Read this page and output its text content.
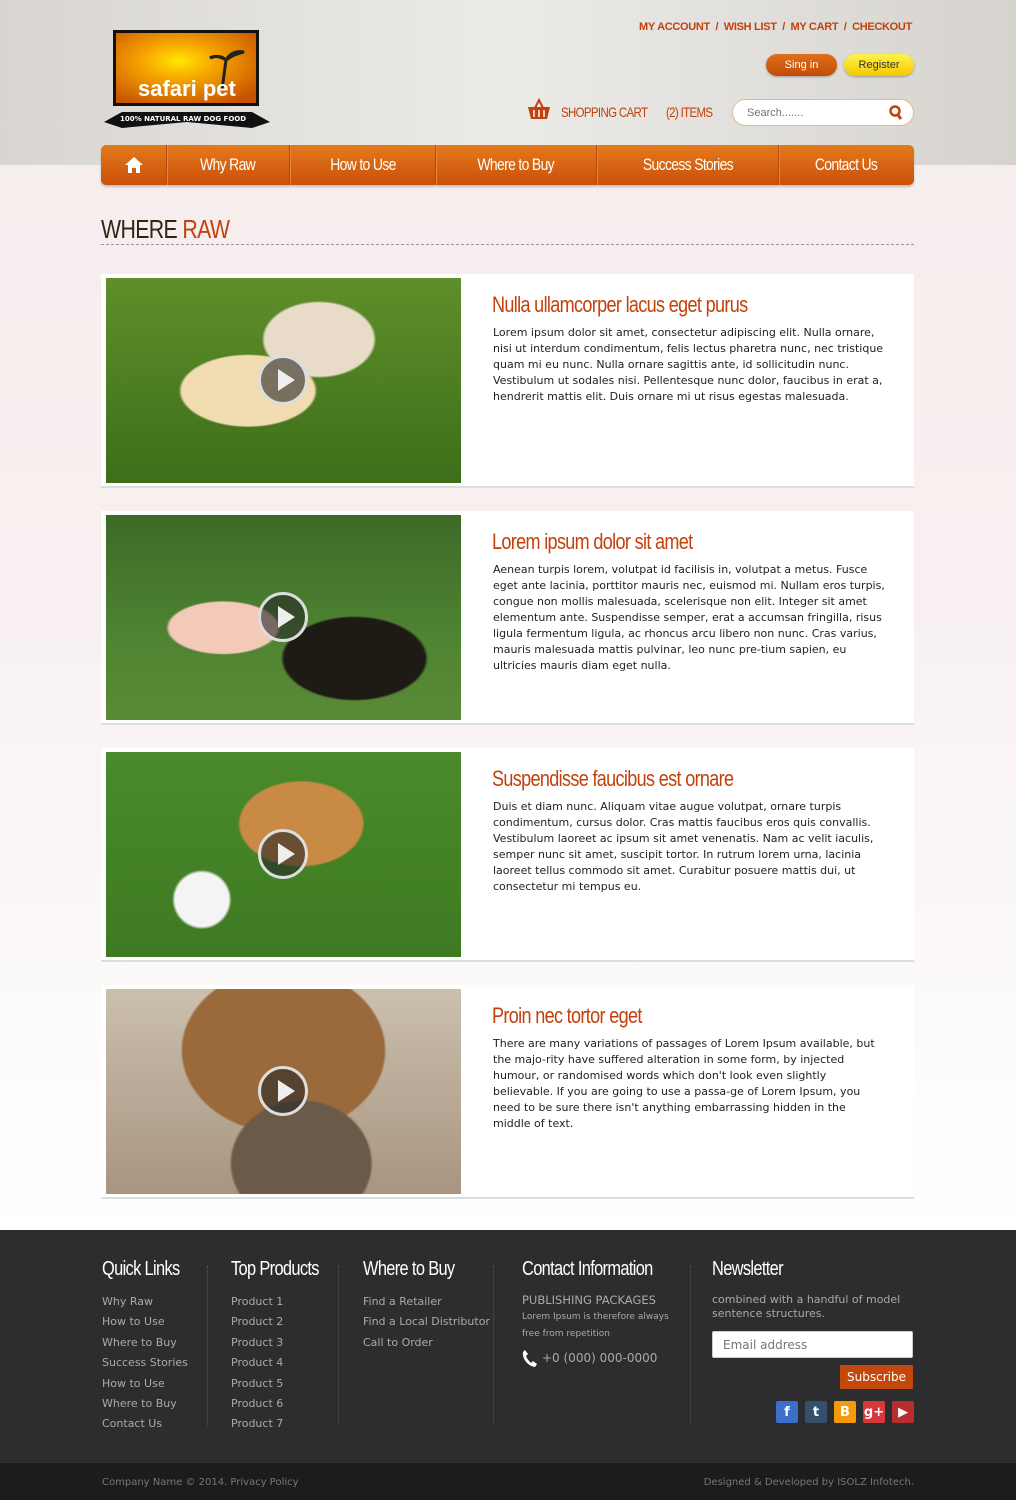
safari pet
100% NATURAL RAW DOG FOOD
MY ACCOUNT  /  WISH LIST  /  MY CART  /  CHECKOUT
Sing in	Register
SHOPPING CART	(2) ITEMS
Search.......
Why Raw	How to Use	Where to Buy	Success Stories	Contact Us
WHERE RAW
Nulla ullamcorper lacus eget purus

Lorem ipsum dolor sit amet, consectetur adipiscing elit. Nulla ornare, nisi ut interdum condimentum, felis lectus pharetra nunc, nec tristique quam mi eu nunc. Nulla ornare sagittis ante, id sollicitudin nunc. Vestibulum ut sodales nisi. Pellentesque nunc dolor, faucibus in erat a, hendrerit mattis elit. Duis ornare mi ut risus egestas malesuada.

Lorem ipsum dolor sit amet

Aenean turpis lorem, volutpat id facilisis in, volutpat a metus. Fusce eget ante lacinia, porttitor mauris nec, euismod mi. Nullam eros turpis, congue non mollis malesuada, scelerisque non elit. Integer sit amet elementum ante. Suspendisse semper, erat a accumsan fringilla, risus ligula fermentum ligula, ac rhoncus arcu libero non nunc. Cras varius, mauris malesuada mattis pulvinar, leo nunc pre-tium sapien, eu ultricies mauris diam eget nulla.

Suspendisse faucibus est ornare

Duis et diam nunc. Aliquam vitae augue volutpat, ornare turpis condimentum, cursus dolor. Cras mattis faucibus eros quis convallis. Vestibulum laoreet ac ipsum sit amet venenatis. Nam ac velit iaculis, semper nunc sit amet, suscipit tortor. In rutrum lorem urna, lacinia laoreet tellus commodo sit amet. Curabitur posuere mattis dui, ut consectetur mi tempus eu.

Proin nec tortor eget

There are many variations of passages of Lorem Ipsum available, but the majo-rity have suffered alteration in some form, by injected humour, or randomised words which don't look even slightly believable. If you are going to use a passa-ge of Lorem Ipsum, you need to be sure there isn't anything embarrassing hidden in the middle of text.

Quick Links
Why Raw
How to Use
Where to Buy
Success Stories
How to Use
Where to Buy
Contact Us
Top Products
Product 1
Product 2
Product 3
Product 4
Product 5
Product 6
Product 7
Where to Buy
Find a Retailer
Find a Local Distributor
Call to Order
Contact Information
PUBLISHING PACKAGES
Lorem Ipsum is therefore always free from repetition
+0 (000) 000-0000
Newsletter
combined with a handful of model sentence structures.
Email address
Subscribe
f	t	B	g+	▶
Company Name © 2014. Privacy Policy	Designed & Developed by ISOLZ Infotech.
